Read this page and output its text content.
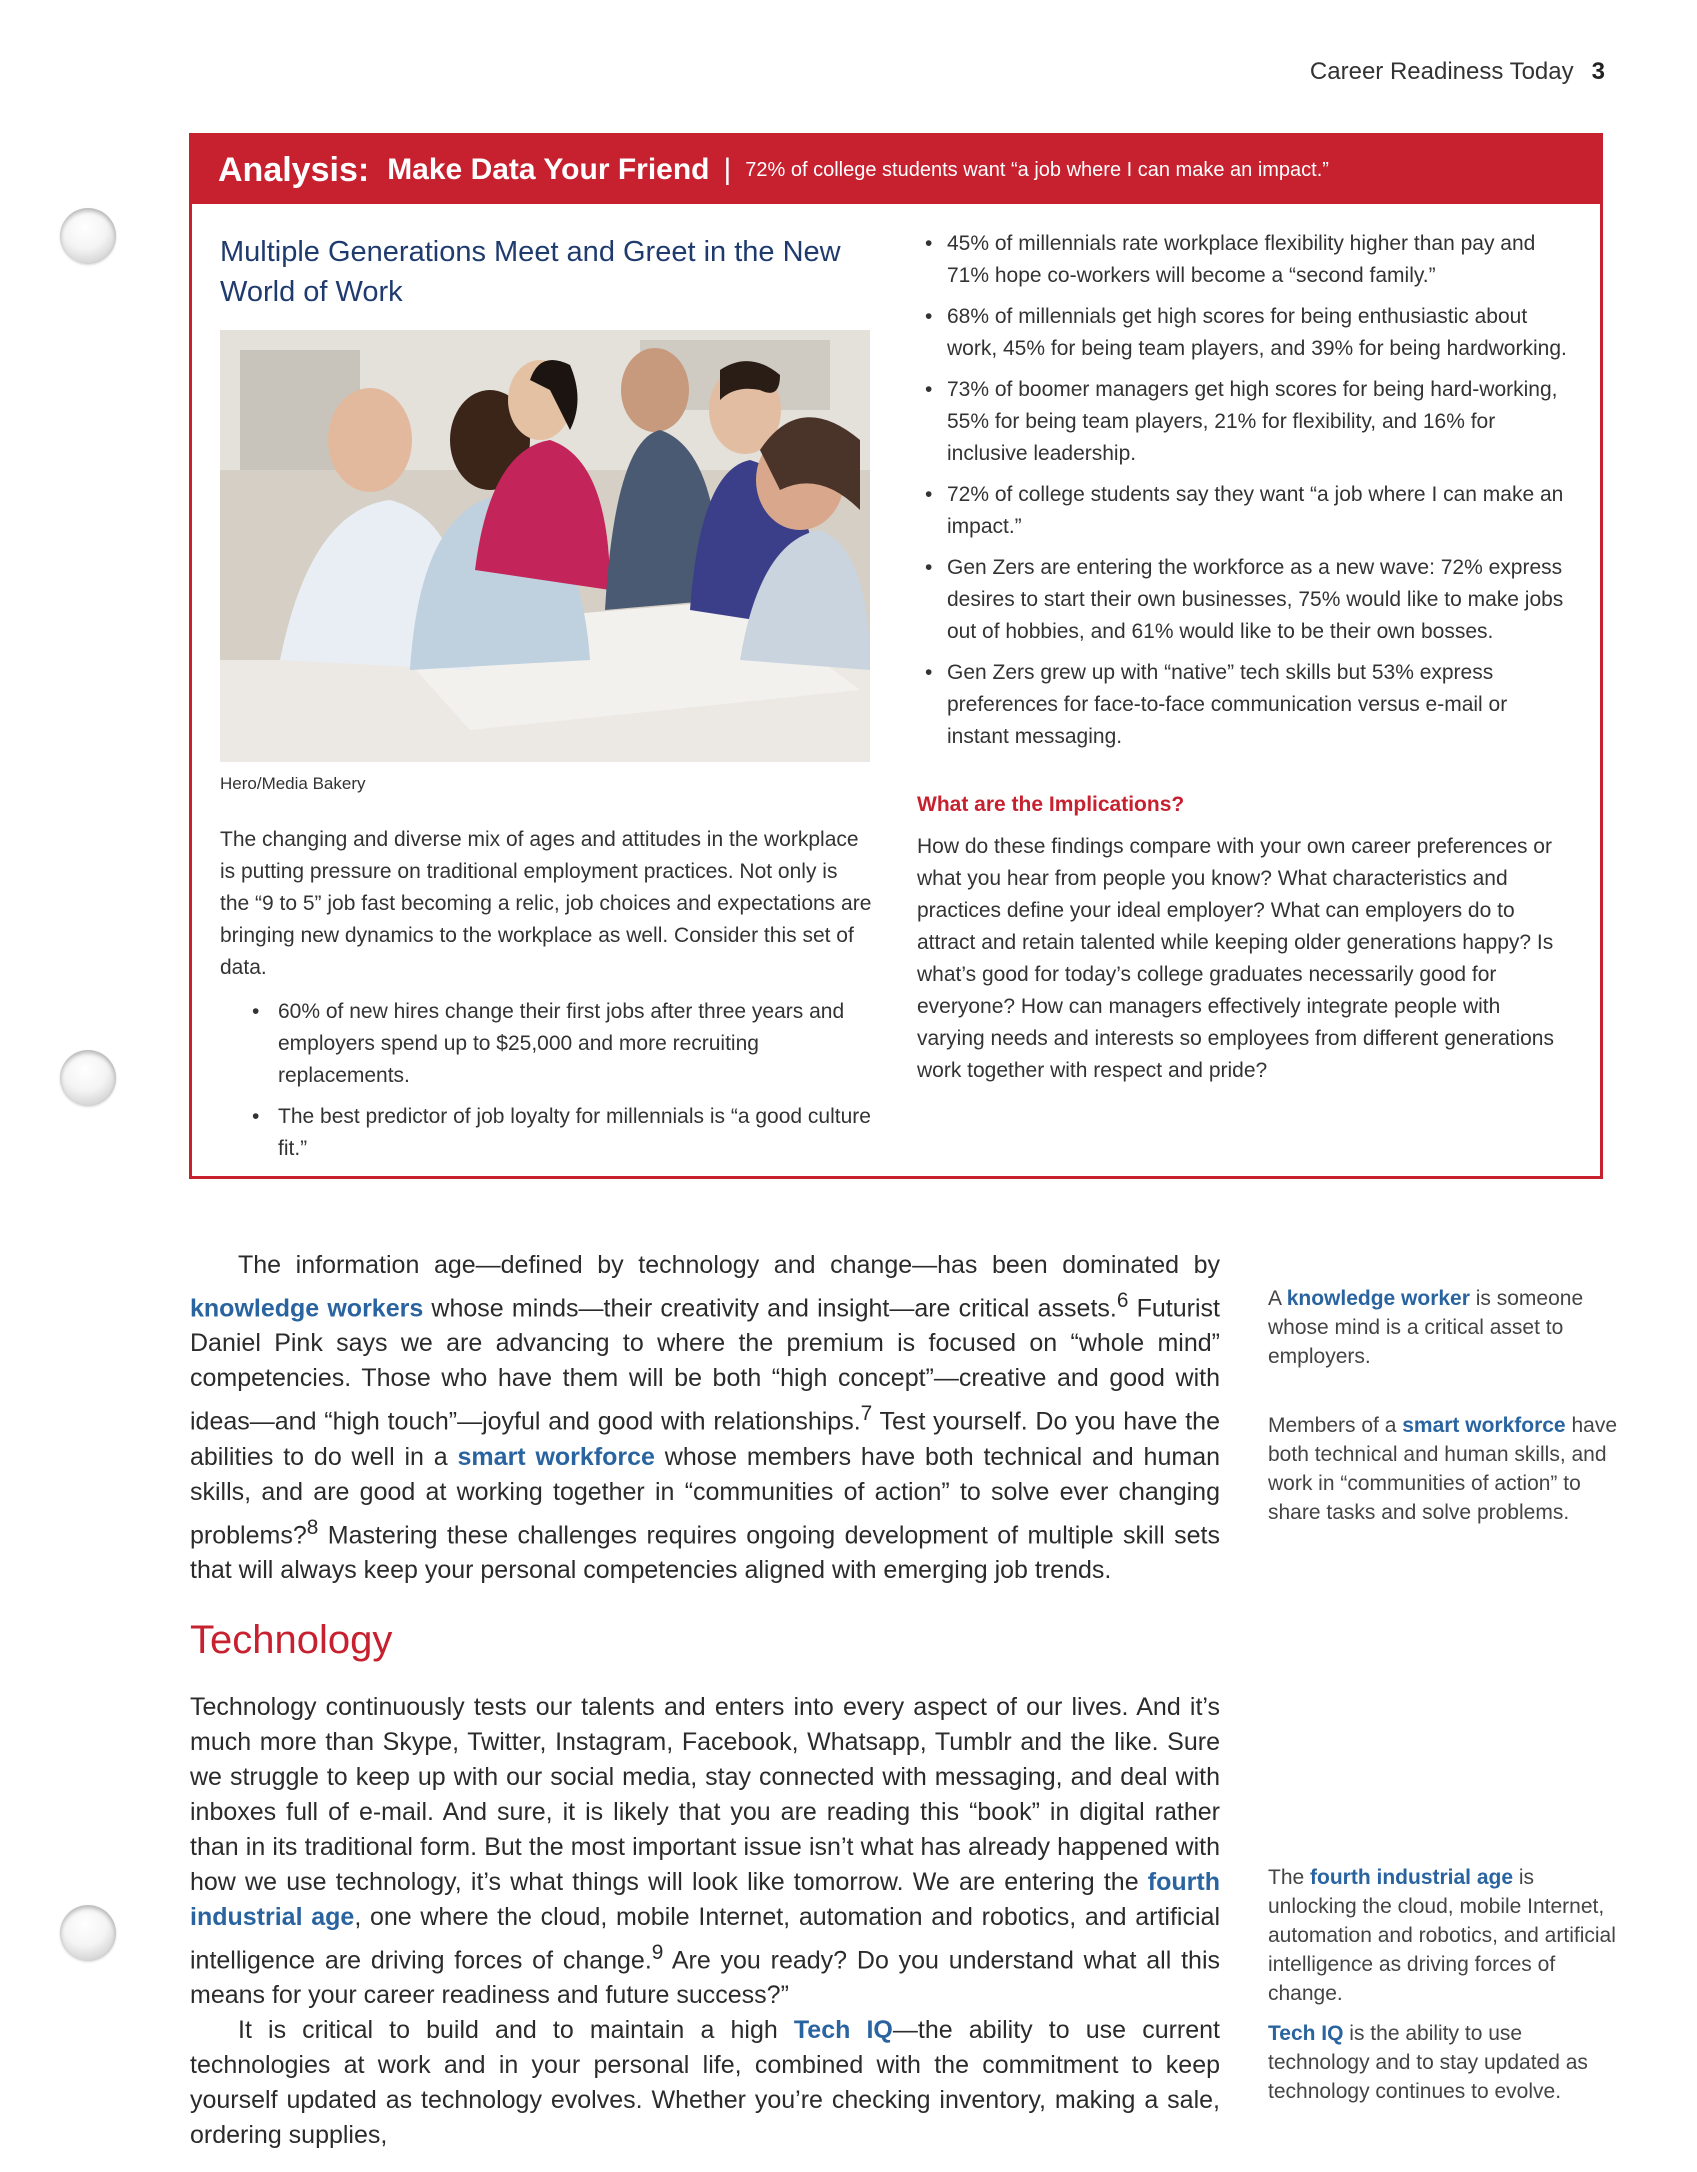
Career Readiness Today 3
Analysis: Make Data Your Friend | 72% of college students want “a job where I can make an impact.”
Multiple Generations Meet and Greet in the New World of Work
Hero/Media Bakery

The changing and diverse mix of ages and attitudes in the workplace is putting pressure on traditional employment practices. Not only is the “9 to 5” job fast becoming a relic, job choices and expectations are bringing new dynamics to the workplace as well. Consider this set of data.

• 60% of new hires change their first jobs after three years and employers spend up to $25,000 and more recruiting replacements.
• The best predictor of job loyalty for millennials is “a good culture fit.”
• 45% of millennials rate workplace flexibility higher than pay and 71% hope co-workers will become a “second family.”
• 68% of millennials get high scores for being enthusiastic about work, 45% for being team players, and 39% for being hardworking.
• 73% of boomer managers get high scores for being hard-working, 55% for being team players, 21% for flexibility, and 16% for inclusive leadership.
• 72% of college students say they want “a job where I can make an impact.”
• Gen Zers are entering the workforce as a new wave: 72% express desires to start their own businesses, 75% would like to make jobs out of hobbies, and 61% would like to be their own bosses.
• Gen Zers grew up with “native” tech skills but 53% express preferences for face-to-face communication versus e-mail or instant messaging.
What are the Implications?

How do these findings compare with your own career preferences or what you hear from people you know? What characteristics and practices define your ideal employer? What can employers do to attract and retain talented while keeping older generations happy? Is what’s good for today’s college graduates necessarily good for everyone? How can managers effectively integrate people with varying needs and interests so employees from different generations work together with respect and pride?

The information age—defined by technology and change—has been dominated by knowledge workers whose minds—their creativity and insight—are critical assets.$^6$ Futurist Daniel Pink says we are advancing to where the premium is focused on “whole mind” competencies. Those who have them will be both “high concept”—creative and good with ideas—and “high touch”—joyful and good with relationships.$^7$ Test yourself. Do you have the abilities to do well in a smart workforce whose members have both technical and human skills, and are good at working together in “communities of action” to solve ever changing problems?$^8$ Mastering these challenges requires ongoing development of multiple skill sets that will always keep your personal competencies aligned with emerging job trends.

Technology

Technology continuously tests our talents and enters into every aspect of our lives. And it’s much more than Skype, Twitter, Instagram, Facebook, Whatsapp, Tumblr and the like. Sure we struggle to keep up with our social media, stay connected with messaging, and deal with inboxes full of e-mail. And sure, it is likely that you are reading this “book” in digital rather than in its traditional form. But the most important issue isn’t what has already happened with how we use technology, it’s what things will look like tomorrow. We are entering the fourth industrial age, one where the cloud, mobile Internet, automation and robotics, and artificial intelligence are driving forces of change.$^9$ Are you ready? Do you understand what all this means for your career readiness and future success?”

It is critical to build and to maintain a high Tech IQ—the ability to use current technologies at work and in your personal life, combined with the commitment to keep yourself updated as technology evolves. Whether you’re checking inventory, making a sale, ordering supplies,

A knowledge worker is someone whose mind is a critical asset to employers.
Members of a smart workforce have both technical and human skills, and work in “communities of action” to share tasks and solve problems.
The fourth industrial age is unlocking the cloud, mobile Internet, automation and robotics, and artificial intelligence as driving forces of change.
Tech IQ is the ability to use technology and to stay updated as technology continues to evolve.
